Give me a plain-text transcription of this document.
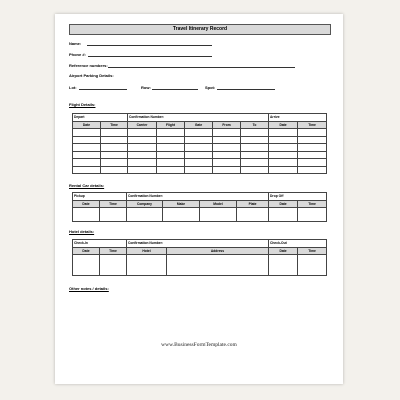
Travel Itinerary Record
Name:
Phone #:
Reference numbers:
Airport Parking Details:
Lot:	Row:	Spot:
Flight Details:
Depart		Confirmation Number:					Arrive	
Date	Time	Carrier	Flight	Gate	From	To	Date	Time

Rental Car details:
Pickup		Confirmation Number:				Drop Off	
Date	Time	Company	Make	Model	Plate	Date	Time

Hotel details:
Check-In		Confirmation Number:		Check-Out	
Date	Time	Hotel	Address	Date	Time

Other notes / details:
www.BusinessFormTemplate.com
